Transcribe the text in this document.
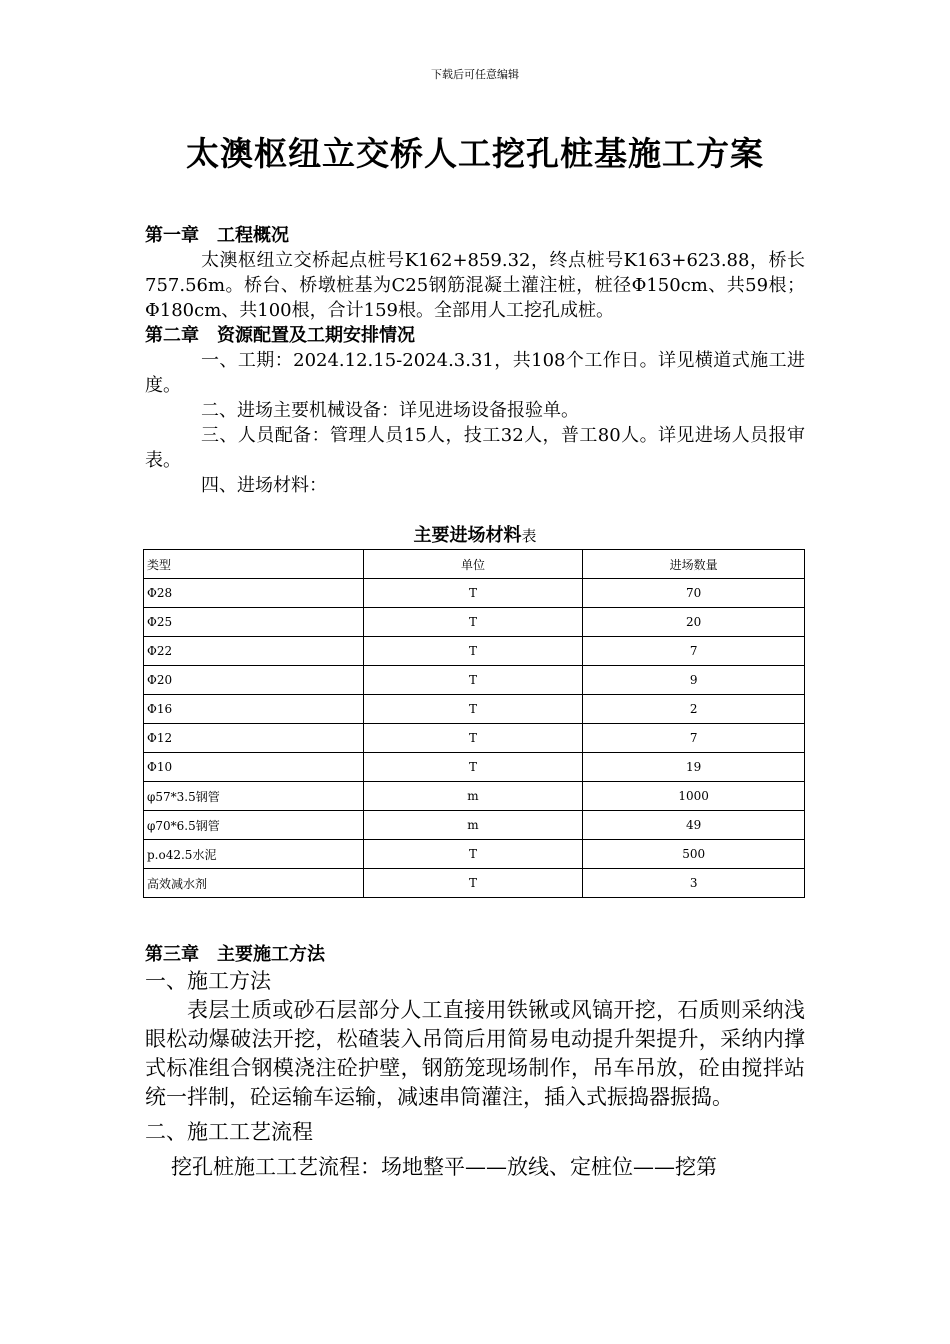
下载后可任意编辑
太澳枢纽立交桥人工挖孔桩基施工方案
第一章　工程概况
太澳枢纽立交桥起点桩号K162+859.32，终点桩号K163+623.88，桥长757.56m。桥台、桥墩桩基为C25钢筋混凝土灌注桩，桩径Φ150cm、共59根；Φ180cm、共100根，合计159根。全部用人工挖孔成桩。
第二章　资源配置及工期安排情况
一、工期：2024.12.15-2024.3.31，共108个工作日。详见横道式施工进度。
二、进场主要机械设备：详见进场设备报验单。
三、人员配备：管理人员15人，技工32人，普工80人。详见进场人员报审表。
四、进场材料：
主要进场材料表
类型	单位	进场数量
Φ28	T	70
Φ25	T	20
Φ22	T	7
Φ20	T	9
Φ16	T	2
Φ12	T	7
Φ10	T	19
φ57*3.5钢管	m	1000
φ70*6.5钢管	m	49
p.o42.5水泥	T	500
高效减水剂	T	3
第三章　主要施工方法
一、施工方法
表层土质或砂石层部分人工直接用铁锹或风镐开挖，石质则采纳浅眼松动爆破法开挖，松碴装入吊筒后用简易电动提升架提升，采纳内撑式标准组合钢模浇注砼护壁，钢筋笼现场制作，吊车吊放，砼由搅拌站统一拌制，砼运输车运输，减速串筒灌注，插入式振捣器振捣。
二、施工工艺流程
挖孔桩施工工艺流程：场地整平——放线、定桩位——挖第
